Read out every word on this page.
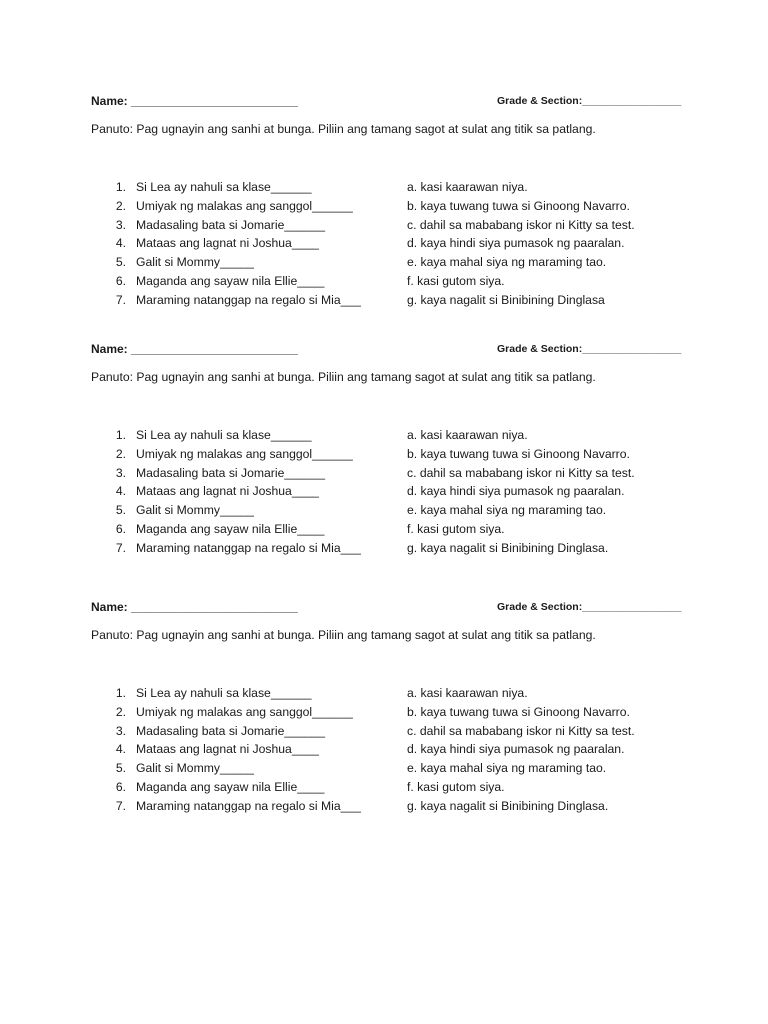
Name: _________________________	Grade & Section:_________________
Panuto: Pag ugnayin ang sanhi at bunga. Piliin ang tamang sagot at sulat ang titik sa patlang.
1. Si Lea ay nahuli sa klase______	a. kasi kaarawan niya.
2. Umiyak ng malakas ang sanggol______	b. kaya tuwang tuwa si Ginoong Navarro.
3. Madasaling bata si Jomarie______	c. dahil sa mababang iskor ni Kitty sa test.
4. Mataas ang lagnat ni Joshua____	d. kaya hindi siya pumasok ng paaralan.
5. Galit si Mommy_____	e. kaya mahal siya ng maraming tao.
6. Maganda ang sayaw nila Ellie____	f. kasi gutom siya.
7. Maraming natanggap na regalo si Mia___	g. kaya nagalit si Binibining Dinglasa
Name: _________________________	Grade & Section:_________________
Panuto: Pag ugnayin ang sanhi at bunga. Piliin ang tamang sagot at sulat ang titik sa patlang.
1. Si Lea ay nahuli sa klase______	a. kasi kaarawan niya.
2. Umiyak ng malakas ang sanggol______	b. kaya tuwang tuwa si Ginoong Navarro.
3. Madasaling bata si Jomarie______	c. dahil sa mababang iskor ni Kitty sa test.
4. Mataas ang lagnat ni Joshua____	d. kaya hindi siya pumasok ng paaralan.
5. Galit si Mommy_____	e. kaya mahal siya ng maraming tao.
6. Maganda ang sayaw nila Ellie____	f. kasi gutom siya.
7. Maraming natanggap na regalo si Mia___	g. kaya nagalit si Binibining Dinglasa.
Name: _________________________	Grade & Section:_________________
Panuto: Pag ugnayin ang sanhi at bunga. Piliin ang tamang sagot at sulat ang titik sa patlang.
1. Si Lea ay nahuli sa klase______	a. kasi kaarawan niya.
2. Umiyak ng malakas ang sanggol______	b. kaya tuwang tuwa si Ginoong Navarro.
3. Madasaling bata si Jomarie______	c. dahil sa mababang iskor ni Kitty sa test.
4. Mataas ang lagnat ni Joshua____	d. kaya hindi siya pumasok ng paaralan.
5. Galit si Mommy_____	e. kaya mahal siya ng maraming tao.
6. Maganda ang sayaw nila Ellie____	f. kasi gutom siya.
7. Maraming natanggap na regalo si Mia___	g. kaya nagalit si Binibining Dinglasa.
